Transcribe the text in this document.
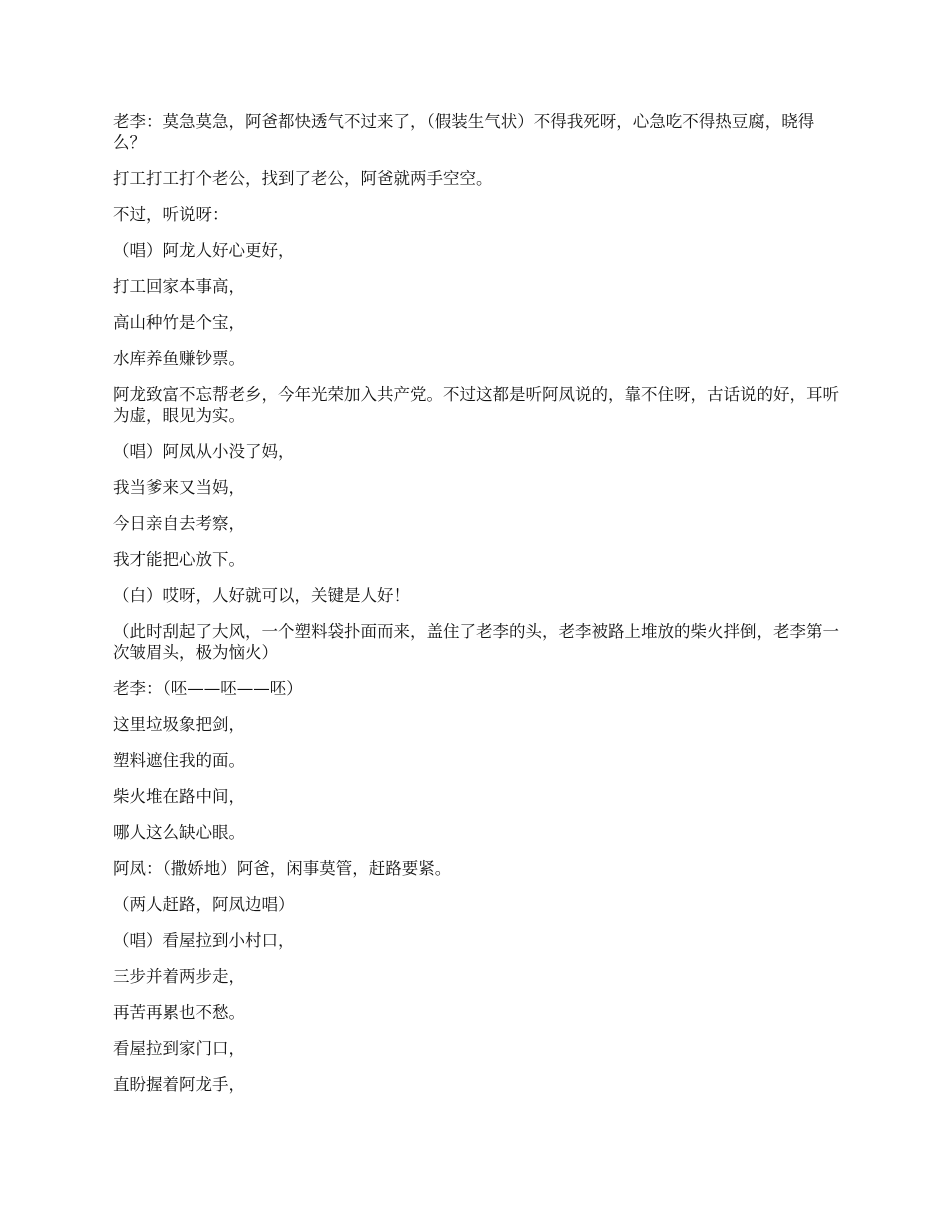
老李：莫急莫急，阿爸都快透气不过来了，（假装生气状）不得我死呀，心急吃不得热豆腐，晓得么？

打工打工打个老公，找到了老公，阿爸就两手空空。

不过，听说呀：

（唱）阿龙人好心更好，

打工回家本事高，

高山种竹是个宝，

水库养鱼赚钞票。

阿龙致富不忘帮老乡，今年光荣加入共产党。不过这都是听阿凤说的，靠不住呀，古话说的好，耳听为虚，眼见为实。

（唱）阿凤从小没了妈，

我当爹来又当妈，

今日亲自去考察，

我才能把心放下。

（白）哎呀，人好就可以，关键是人好！

（此时刮起了大风，一个塑料袋扑面而来，盖住了老李的头，老李被路上堆放的柴火拌倒，老李第一次皱眉头，极为恼火）

老李：（呸——呸——呸）

这里垃圾象把剑，

塑料遮住我的面。

柴火堆在路中间，

哪人这么缺心眼。

阿凤：（撒娇地）阿爸，闲事莫管，赶路要紧。

（两人赶路，阿凤边唱）

（唱）看屋拉到小村口，

三步并着两步走，

再苦再累也不愁。

看屋拉到家门口，

直盼握着阿龙手，
